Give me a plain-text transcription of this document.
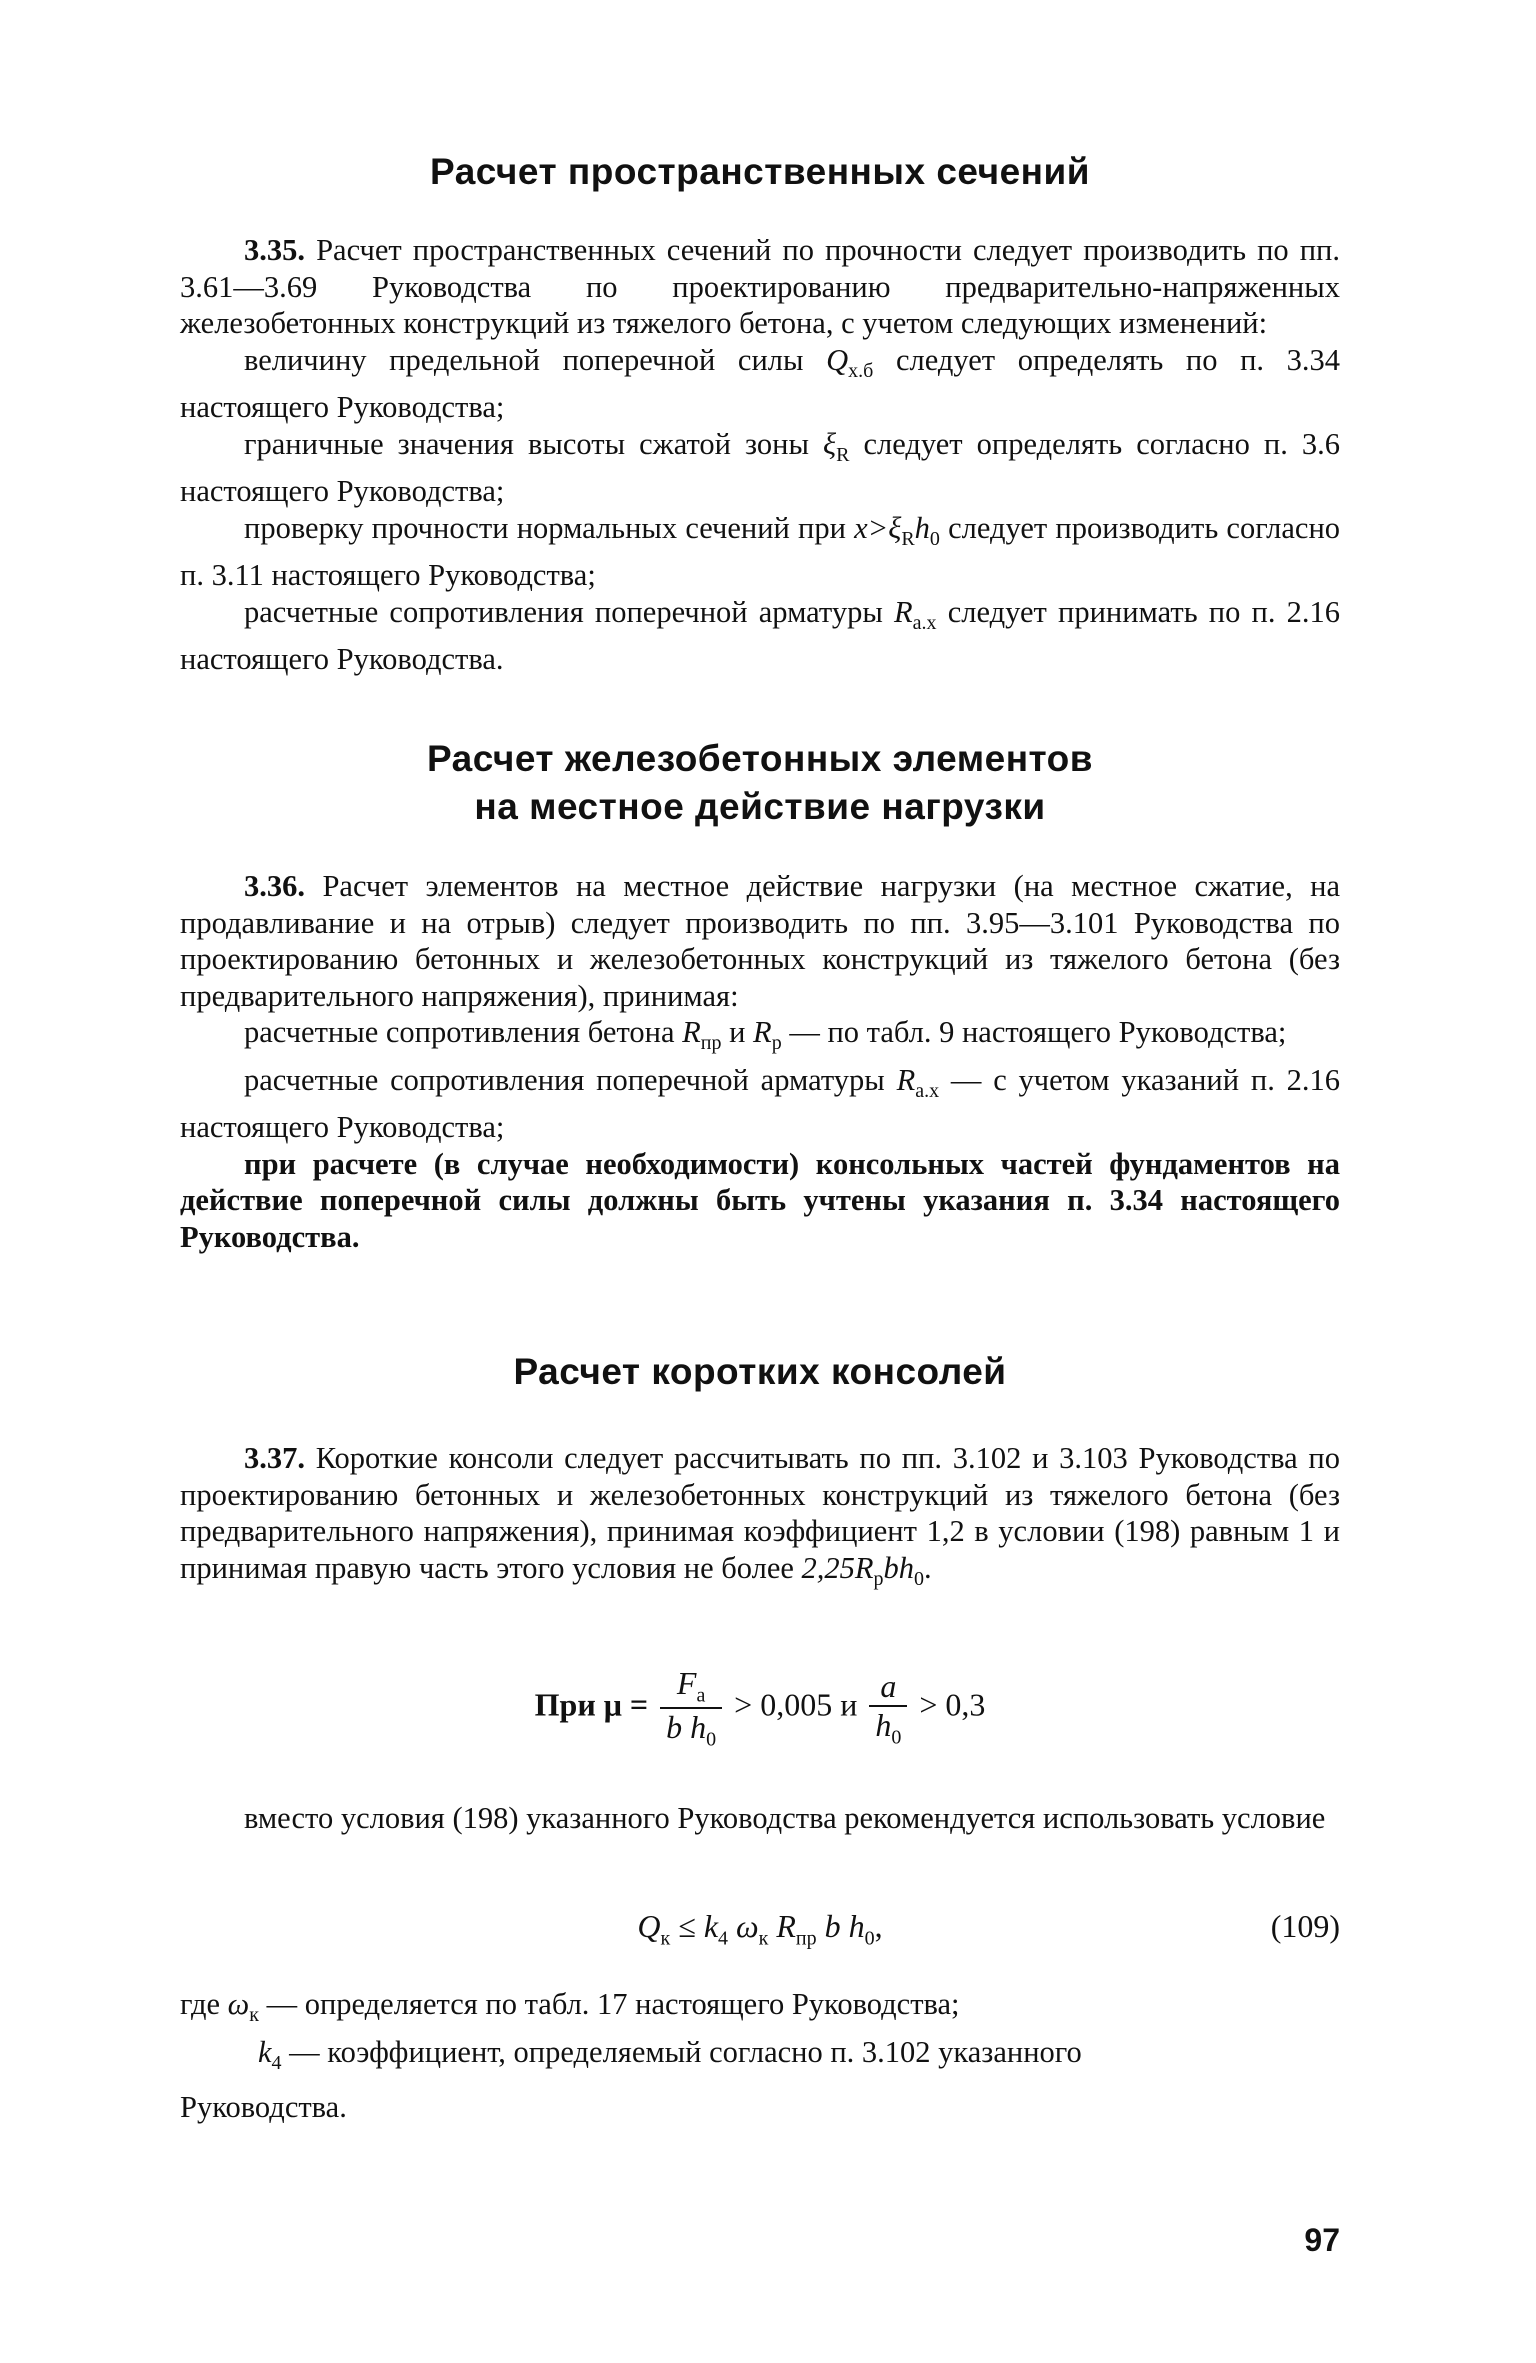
Расчет пространственных сечений

3.35. Расчет пространственных сечений по прочности следует производить по пп. 3.61—3.69 Руководства по проектированию предварительно-напряженных железобетонных конструкций из тяжелого бетона, с учетом следующих изменений:

величину предельной поперечной силы $Q_{х.б}$ следует определять по п. 3.34 настоящего Руководства;

граничные значения высоты сжатой зоны $\xi_R$ следует определять согласно п. 3.6 настоящего Руководства;

проверку прочности нормальных сечений при $x>\xi_Rh_0$ следует производить согласно п. 3.11 настоящего Руководства;

расчетные сопротивления поперечной арматуры $R_{а.х}$ следует принимать по п. 2.16 настоящего Руководства.

Расчет железобетонных элементов
на местное действие нагрузки

3.36. Расчет элементов на местное действие нагрузки (на местное сжатие, на продавливание и на отрыв) следует производить по пп. 3.95—3.101 Руководства по проектированию бетонных и железобетонных конструкций из тяжелого бетона (без предварительного напряжения), принимая:

расчетные сопротивления бетона $R_{пр}$ и $R_р$ — по табл. 9 настоящего Руководства;

расчетные сопротивления поперечной арматуры $R_{а.х}$ — с учетом указаний п. 2.16 настоящего Руководства;

при расчете (в случае необходимости) консольных частей фундаментов на действие поперечной силы должны быть учтены указания п. 3.34 настоящего Руководства.

Расчет коротких консолей

3.37. Короткие консоли следует рассчитывать по пп. 3.102 и 3.103 Руководства по проектированию бетонных и железобетонных конструкций из тяжелого бетона (без предварительного напряжения), принимая коэффициент 1,2 в условии (198) равным 1 и принимая правую часть этого условия не более $2,25R_рbh_0$.

При $\mu = \frac{F_а}{b h_0} > 0,005$ и $\frac{a}{h_0} > 0,3$

вместо условия (198) указанного Руководства рекомендуется использовать условие

$Q_к \le k_4$ $\omega_к$ $R_{пр}$ b $h_0$,	(109)

где $\omega_к$ — определяется по табл. 17 настоящего Руководства;

$k_4$ — коэффициент, определяемый согласно п. 3.102 указанного

Руководства.

97
